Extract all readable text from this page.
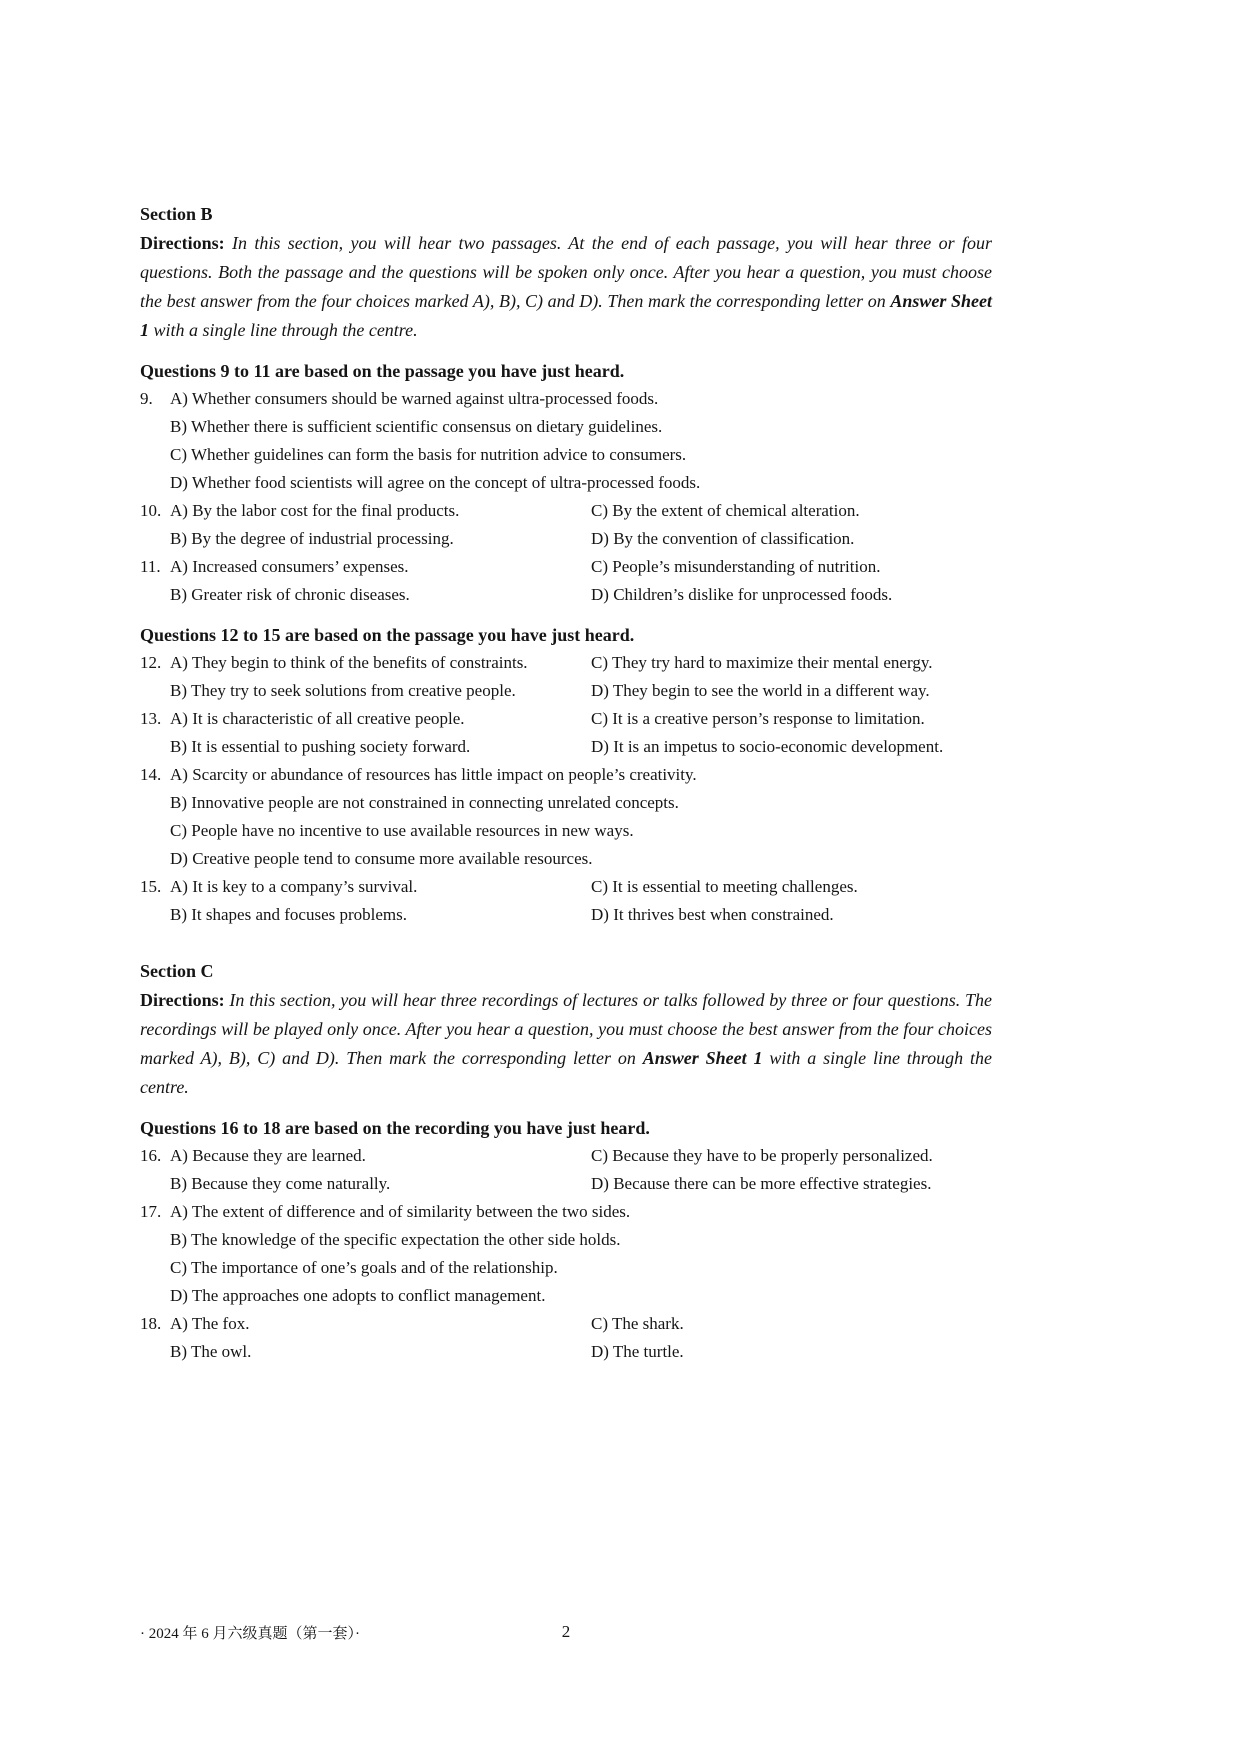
Section B

Directions: In this section, you will hear two passages. At the end of each passage, you will hear three or four questions. Both the passage and the questions will be spoken only once. After you hear a question, you must choose the best answer from the four choices marked A), B), C) and D). Then mark the corresponding letter on Answer Sheet 1 with a single line through the centre.

Questions 9 to 11 are based on the passage you have just heard.

9.	A) Whether consumers should be warned against ultra-processed foods.
B) Whether there is sufficient scientific consensus on dietary guidelines.
C) Whether guidelines can form the basis for nutrition advice to consumers.
D) Whether food scientists will agree on the concept of ultra-processed foods.
10. A) By the labor cost for the final products.	C) By the extent of chemical alteration.
B) By the degree of industrial processing.	D) By the convention of classification.
11. A) Increased consumers’ expenses.	C) People’s misunderstanding of nutrition.
B) Greater risk of chronic diseases.	D) Children’s dislike for unprocessed foods.

Questions 12 to 15 are based on the passage you have just heard.

12. A) They begin to think of the benefits of constraints.	C) They try hard to maximize their mental energy.
B) They try to seek solutions from creative people.	D) They begin to see the world in a different way.
13. A) It is characteristic of all creative people.	C) It is a creative person’s response to limitation.
B) It is essential to pushing society forward.	D) It is an impetus to socio-economic development.
14. A) Scarcity or abundance of resources has little impact on people’s creativity.
B) Innovative people are not constrained in connecting unrelated concepts.
C) People have no incentive to use available resources in new ways.
D) Creative people tend to consume more available resources.
15. A) It is key to a company’s survival.	C) It is essential to meeting challenges.
B) It shapes and focuses problems.	D) It thrives best when constrained.

Section C

Directions: In this section, you will hear three recordings of lectures or talks followed by three or four questions. The recordings will be played only once. After you hear a question, you must choose the best answer from the four choices marked A), B), C) and D). Then mark the corresponding letter on Answer Sheet 1 with a single line through the centre.

Questions 16 to 18 are based on the recording you have just heard.

16. A) Because they are learned.	C) Because they have to be properly personalized.
B) Because they come naturally.	D) Because there can be more effective strategies.
17. A) The extent of difference and of similarity between the two sides.
B) The knowledge of the specific expectation the other side holds.
C) The importance of one’s goals and of the relationship.
D) The approaches one adopts to conflict management.
18. A) The fox.	C) The shark.
B) The owl.	D) The turtle.
· 2024 年 6 月六级真题（第一套）·	2
